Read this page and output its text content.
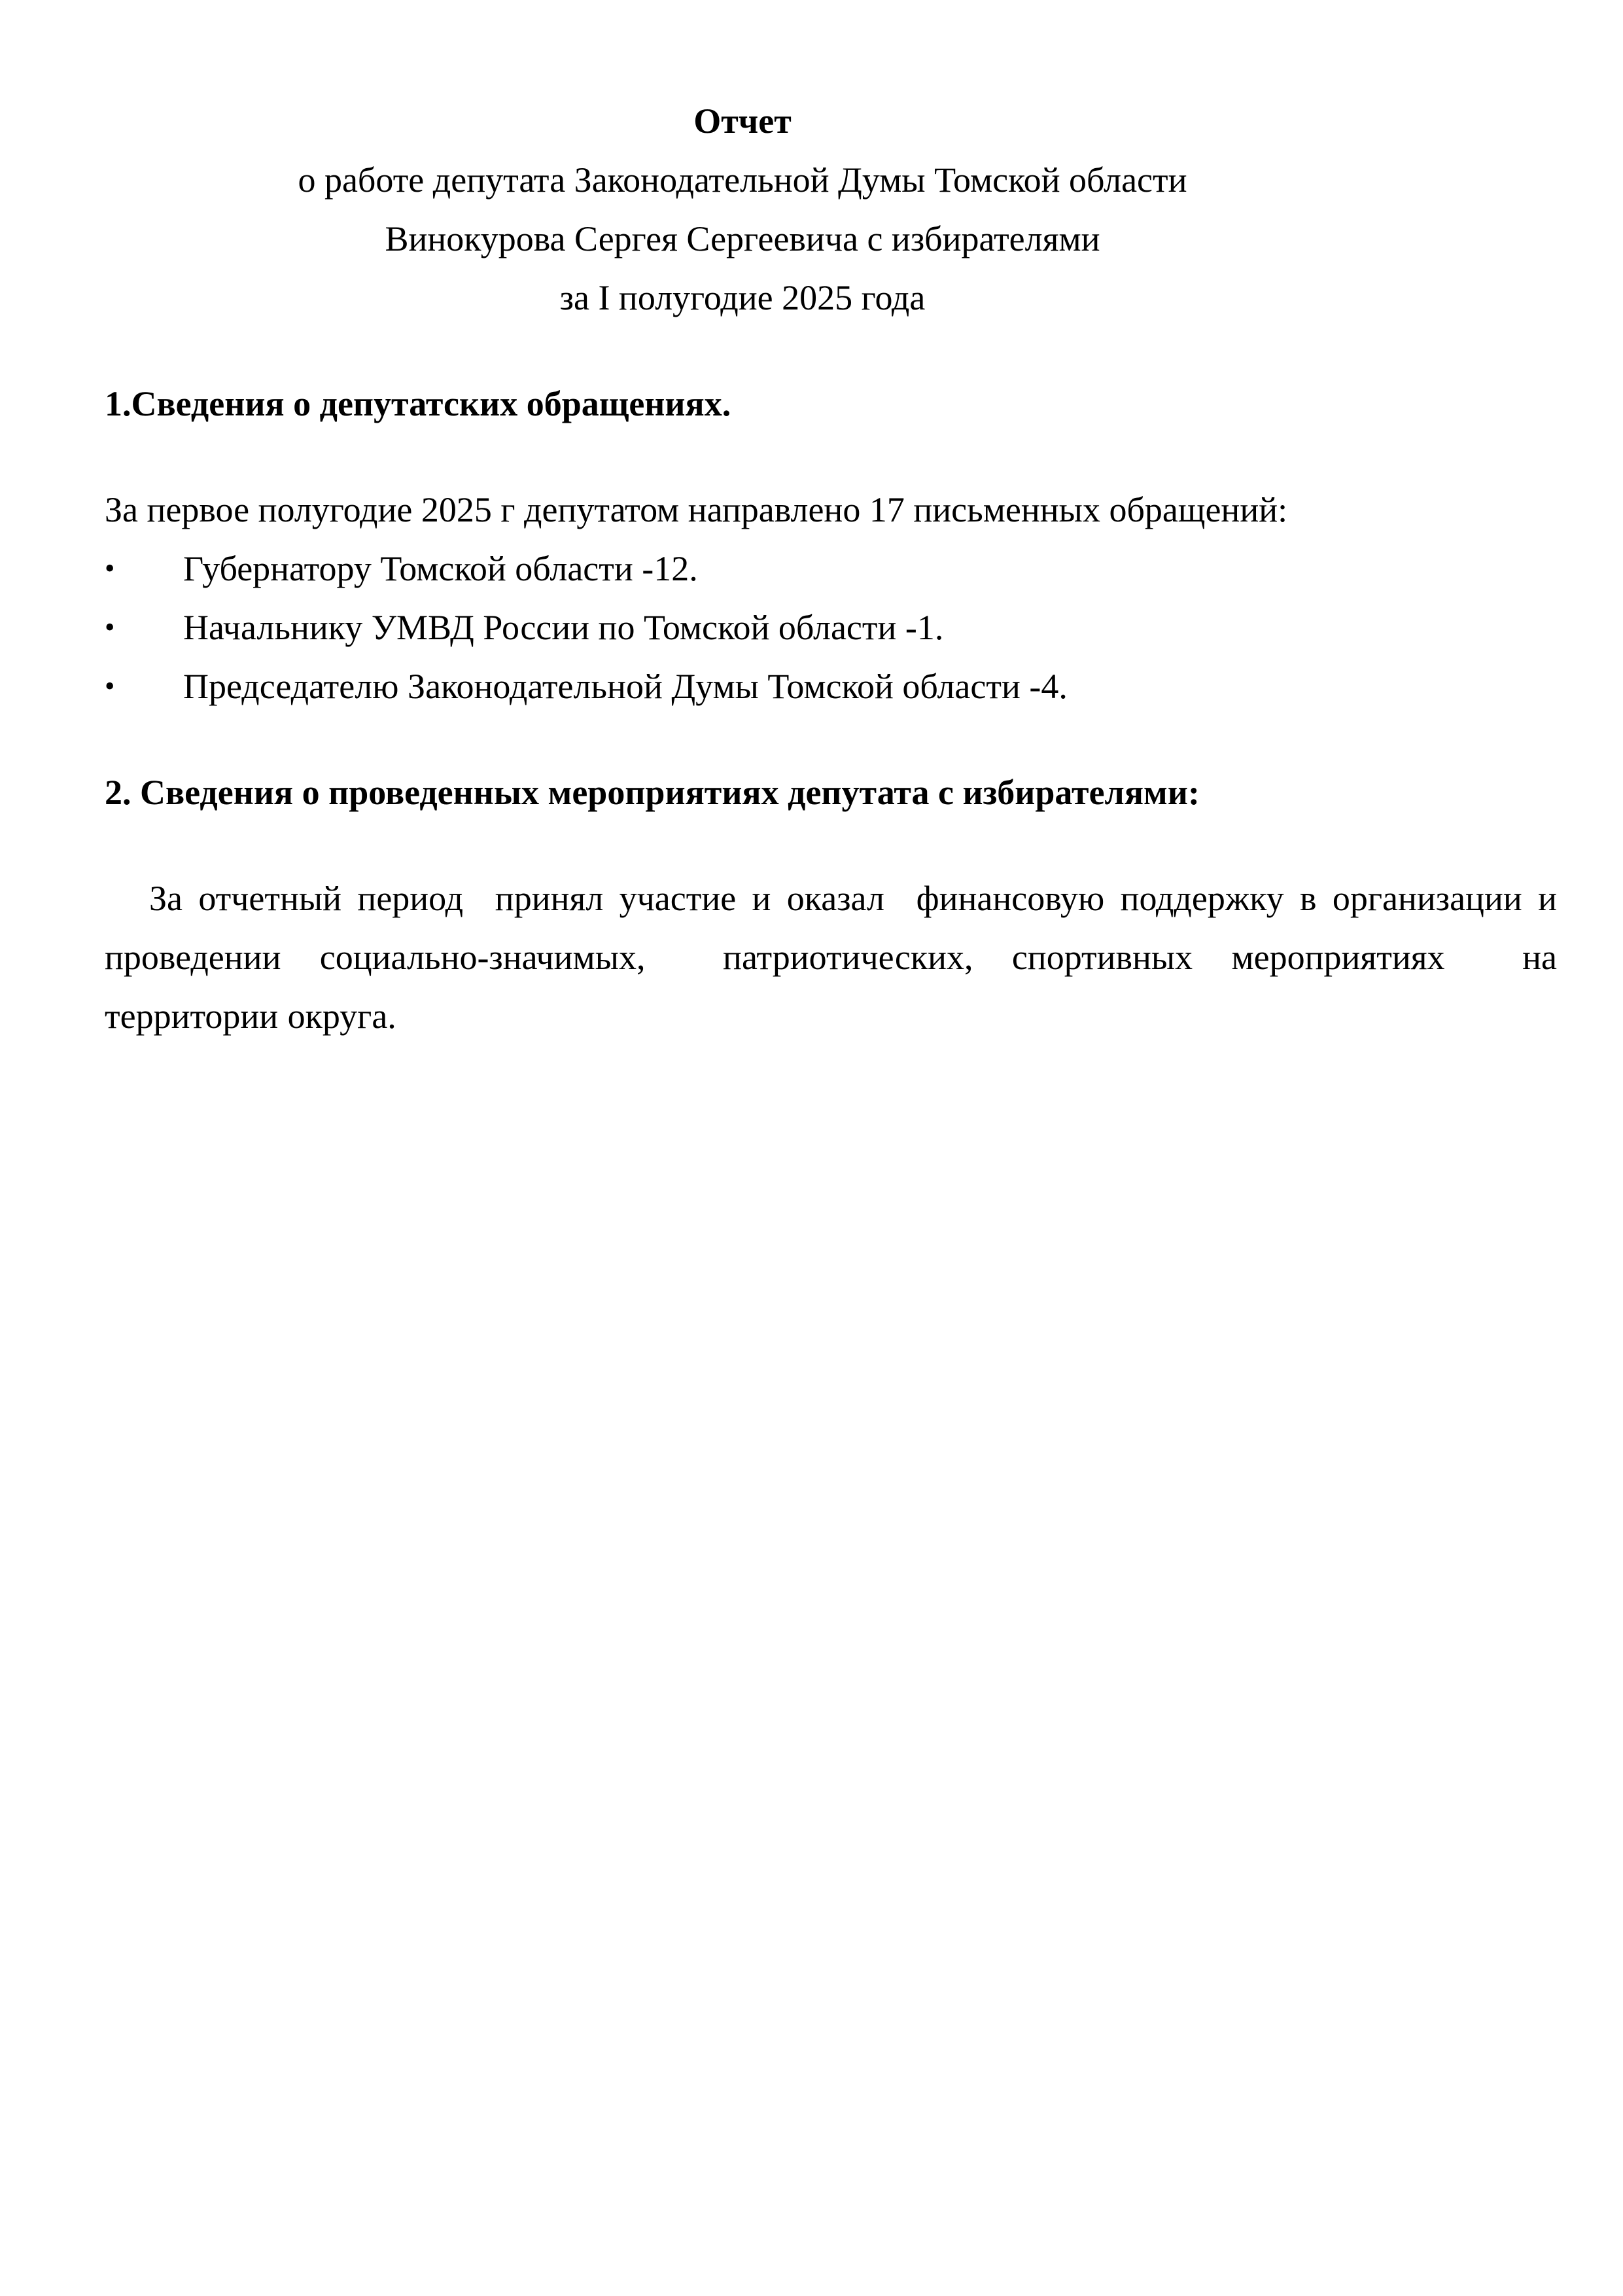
Отчет

о работе депутата Законодательной Думы Томской области

Винокурова Сергея Сергеевича с избирателями

за I полугодие 2025 года

1.Сведения о депутатских обращениях.

За первое полугодие 2025 г депутатом направлено 17 письменных обращений:

•	Губернатору Томской области -12.
•	Начальнику УМВД России по Томской области -1.
•	Председателю Законодательной Думы Томской области -4.

2. Сведения о проведенных мероприятиях депутата с избирателями:

За отчетный период  принял участие и оказал  финансовую поддержку в организации и
проведении социально-значимых,  патриотических, спортивных мероприятиях  на
территории округа.
